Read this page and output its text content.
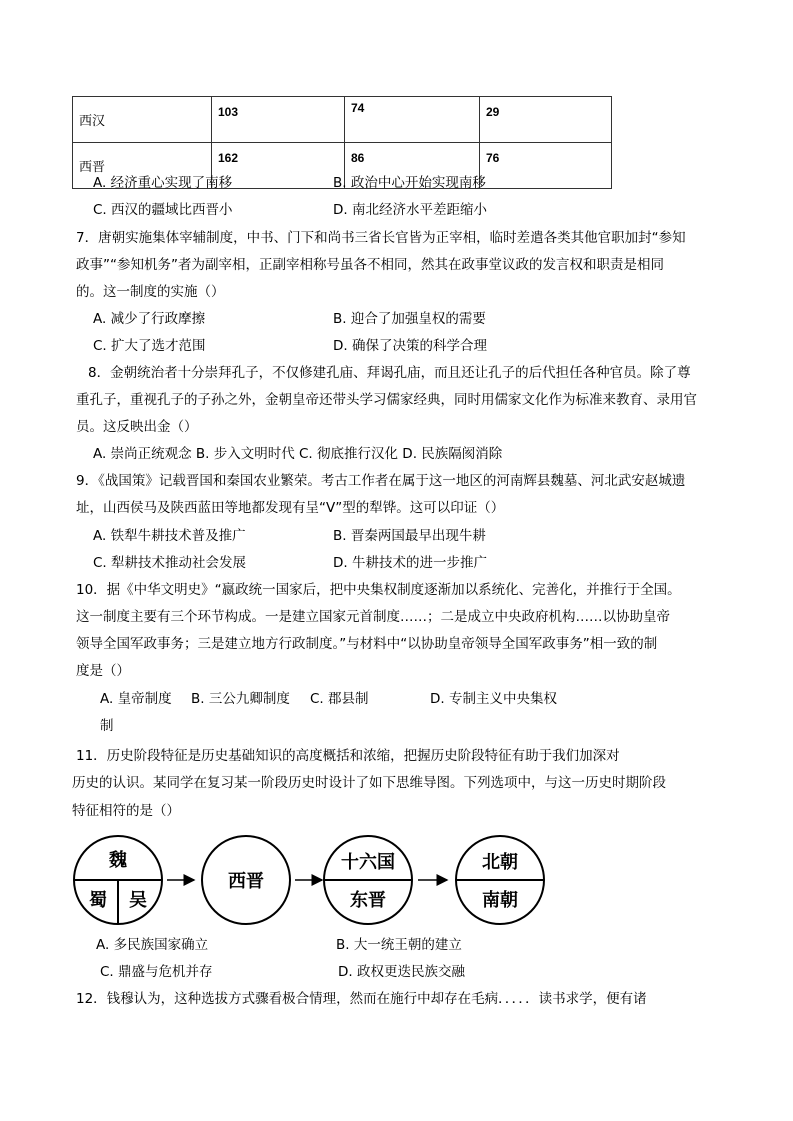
西汉	103	74	29
西晋	162	86	76
A. 经济重心实现了南移	B. 政治中心开始实现南移
C. 西汉的疆域比西晋小	D. 南北经济水平差距缩小
7．唐朝实施集体宰辅制度，中书、门下和尚书三省长官皆为正宰相，临时差遣各类其他官职加封“参知
政事”“参知机务”者为副宰相，正副宰相称号虽各不相同，然其在政事堂议政的发言权和职责是相同
的。这一制度的实施（）
A. 减少了行政摩擦	B. 迎合了加强皇权的需要
C. 扩大了选才范围	D. 确保了决策的科学合理
8．金朝统治者十分崇拜孔子，不仅修建孔庙、拜谒孔庙，而且还让孔子的后代担任各种官员。除了尊
重孔子，重视孔子的子孙之外，金朝皇帝还带头学习儒家经典，同时用儒家文化作为标准来教育、录用官
员。这反映出金（）
A. 崇尚正统观念 B. 步入文明时代 C. 彻底推行汉化 D. 民族隔阂消除
9．《战国策》记载晋国和秦国农业繁荣。考古工作者在属于这一地区的河南辉县魏墓、河北武安赵城遗
址，山西侯马及陕西蓝田等地都发现有呈“V”型的犁铧。这可以印证（）
A. 铁犁牛耕技术普及推广	B. 晋秦两国最早出现牛耕
C. 犁耕技术推动社会发展	D. 牛耕技术的进一步推广
10．据《中华文明史》“嬴政统一国家后，把中央集权制度逐渐加以系统化、完善化，并推行于全国。
这一制度主要有三个环节构成。一是建立国家元首制度……；二是成立中央政府机构……以协助皇帝
领导全国军政事务；三是建立地方行政制度。”与材料中“以协助皇帝领导全国军政事务”相一致的制
度是（）
A. 皇帝制度 B. 三公九卿制度 C. 郡县制	D. 专制主义中央集权
制
11．历史阶段特征是历史基础知识的高度概括和浓缩，把握历史阶段特征有助于我们加深对
历史的认识。某同学在复习某一阶段历史时设计了如下思维导图。下列选项中，与这一历史时期阶段
特征相符的是（）
魏
蜀 吴
西晋
十六国
东晋
北朝
南朝
A. 多民族国家确立	B. 大一统王朝的建立
C. 鼎盛与危机并存	D. 政权更迭民族交融
12．钱穆认为，这种选拔方式骤看极合情理，然而在施行中却存在毛病．．．．．读书求学，便有诸
